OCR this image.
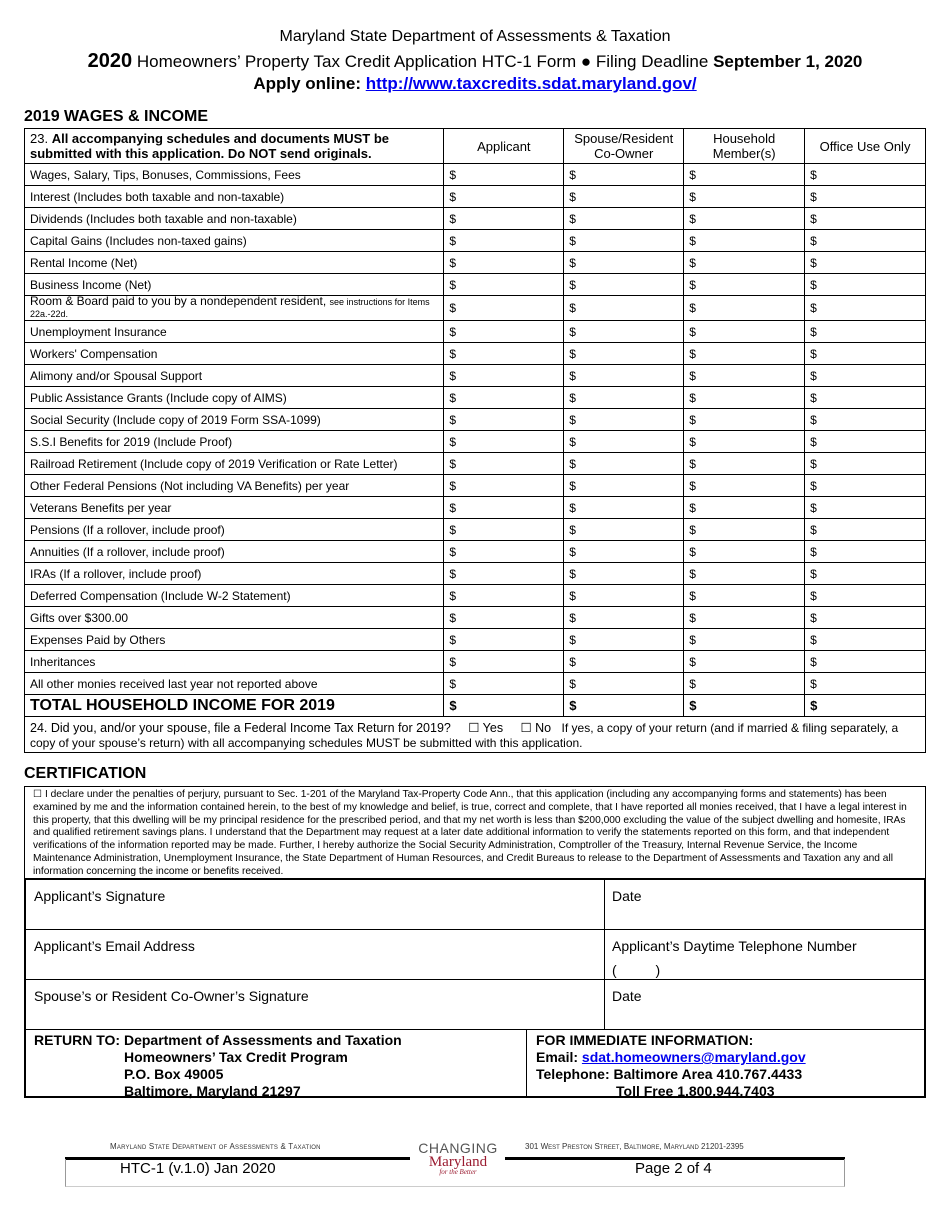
Maryland State Department of Assessments & Taxation
2020 Homeowners’ Property Tax Credit Application HTC-1 Form ● Filing Deadline September 1, 2020
Apply online: http://www.taxcredits.sdat.maryland.gov/
2019 WAGES & INCOME
23. All accompanying schedules and documents MUST be submitted with this application. Do NOT send originals.	Applicant	Spouse/Resident Co-Owner	Household Member(s)	Office Use Only
Wages, Salary, Tips, Bonuses, Commissions, Fees	$	$	$	$
Interest (Includes both taxable and non-taxable)	$	$	$	$
Dividends (Includes both taxable and non-taxable)	$	$	$	$
Capital Gains (Includes non-taxed gains)	$	$	$	$
Rental Income (Net)	$	$	$	$
Business Income (Net)	$	$	$	$
Room & Board paid to you by a nondependent resident, see instructions for Items 22a.-22d.	$	$	$	$
Unemployment Insurance	$	$	$	$
Workers' Compensation	$	$	$	$
Alimony and/or Spousal Support	$	$	$	$
Public Assistance Grants (Include copy of AIMS)	$	$	$	$
Social Security (Include copy of 2019 Form SSA-1099)	$	$	$	$
S.S.I Benefits for 2019 (Include Proof)	$	$	$	$
Railroad Retirement (Include copy of 2019 Verification or Rate Letter)	$	$	$	$
Other Federal Pensions (Not including VA Benefits) per year	$	$	$	$
Veterans Benefits per year	$	$	$	$
Pensions (If a rollover, include proof)	$	$	$	$
Annuities (If a rollover, include proof)	$	$	$	$
IRAs (If a rollover, include proof)	$	$	$	$
Deferred Compensation (Include W-2 Statement)	$	$	$	$
Gifts over $300.00	$	$	$	$
Expenses Paid by Others	$	$	$	$
Inheritances	$	$	$	$
All other monies received last year not reported above	$	$	$	$
TOTAL HOUSEHOLD INCOME FOR 2019	$	$	$	$
24. Did you, and/or your spouse, file a Federal Income Tax Return for 2019? ☐ Yes ☐ No If yes, a copy of your return (and if married & filing separately, a copy of your spouse’s return) with all accompanying schedules MUST be submitted with this application.				
CERTIFICATION
☐ I declare under the penalties of perjury, pursuant to Sec. 1-201 of the Maryland Tax-Property Code Ann., that this application (including any accompanying forms and statements) has been examined by me and the information contained herein, to the best of my knowledge and belief, is true, correct and complete, that I have reported all monies received, that I have a legal interest in this property, that this dwelling will be my principal residence for the prescribed period, and that my net worth is less than $200,000 excluding the value of the subject dwelling and homesite, IRAs and qualified retirement savings plans. I understand that the Department may request at a later date additional information to verify the statements reported on this form, and that independent verifications of the information reported may be made. Further, I hereby authorize the Social Security Administration, Comptroller of the Treasury, Internal Revenue Service, the Income Maintenance Administration, Unemployment Insurance, the State Department of Human Resources, and Credit Bureaus to release to the Department of Assessments and Taxation any and all information concerning the income or benefits received.
Applicant’s Signature	Date
Applicant’s Email Address	Applicant’s Daytime Telephone Number
(          )
Spouse’s or Resident Co-Owner’s Signature	Date
RETURN TO: Department of Assessments and Taxation
Homeowners’ Tax Credit Program
P.O. Box 49005
Baltimore, Maryland 21297
FOR IMMEDIATE INFORMATION:
Email: sdat.homeowners@maryland.gov
Telephone: Baltimore Area 410.767.4433
Toll Free 1.800.944.7403
Maryland State Department of Assessments & Taxation	301 West Preston Street, Baltimore, Maryland 21201-2395
CHANGING
Maryland
for the Better
HTC-1 (v.1.0) Jan 2020	Page 2 of 4
